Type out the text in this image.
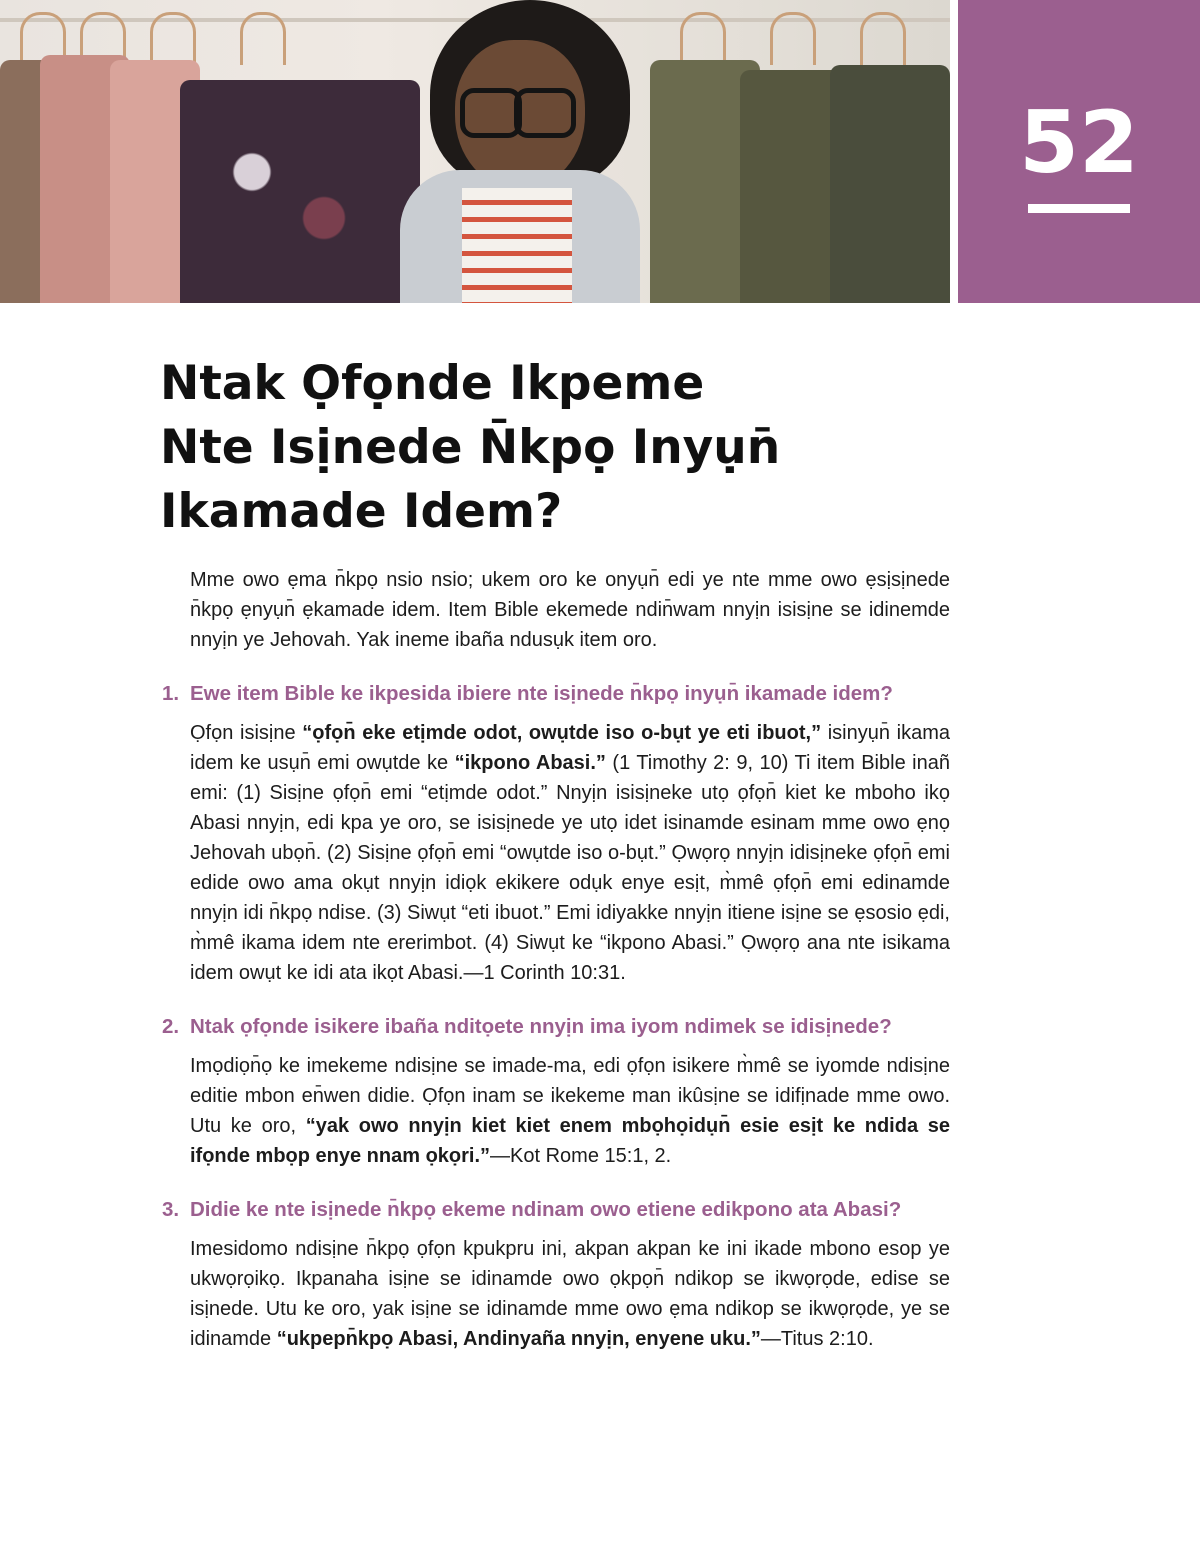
52
Ntak Ọfọnde Ikpeme
Nte Isịnede N̄kpọ Inyụn̄
Ikamade Idem?

Mme owo ẹma n̄kpọ nsio nsio; ukem oro ke onyụn̄ edi ye nte mme owo ẹsịsịnede n̄kpọ ẹnyụn̄ ẹkamade idem. Item Bible ekemede ndin̄wam nnyịn isisịne se idinemde nnyịn ye Jehovah. Yak ineme ibaña ndusụk item oro.

1. Ewe item Bible ke ikpesida ibiere nte isịnede n̄kpọ inyụn̄ ikamade idem?

Ọfọn isisịne “ọfọn̄ eke etịmde odot, owụtde iso o-bụt ye eti ibuot,” isinyụn̄ ikama idem ke usụn̄ emi owụtde ke “ikpono Abasi.” (1 Timothy 2: 9, 10) Ti item Bible inañ emi: (1) Sisịne ọfọn̄ emi “etịmde odot.” Nnyịn isisịneke utọ ọfọn̄ kiet ke mboho ikọ Abasi nnyịn, edi kpa ye oro, se isisịnede ye utọ idet isinamde esinam mme owo ẹnọ Jehovah ubọn̄. (2) Sisịne ọfọn̄ emi “owụtde iso o-bụt.” Ọwọrọ nnyịn idisịneke ọfọn̄ emi edide owo ama okụt nnyịn idiọk ekikere odụk enye esịt, m̀mê ọfọn̄ emi edinamde nnyịn idi n̄kpọ ndise. (3) Siwụt “eti ibuot.” Emi idiyakke nnyịn itiene isịne se ẹsosio ẹdi, m̀mê ikama idem nte ererimbot. (4) Siwụt ke “ikpono Abasi.” Ọwọrọ ana nte isikama idem owụt ke idi ata ikọt Abasi.—1 Corinth 10:31.

2. Ntak ọfọnde isikere ibaña nditọete nnyịn ima iyom ndimek se idisịnede?

Imọdiọn̄ọ ke imekeme ndisịne se imade-ma, edi ọfọn isikere m̀mê se iyomde ndisịne editie mbon en̄wen didie. Ọfọn inam se ikekeme man ikûsịne se idifịnade mme owo. Utu ke oro, “yak owo nnyịn kiet kiet enem mbọhọidụn̄ esie esịt ke ndida se ifọnde mbọp enye nnam ọkọri.”—Kot Rome 15:1, 2.

3. Didie ke nte isịnede n̄kpọ ekeme ndinam owo etiene edikpono ata Abasi?

Imesidomo ndisịne n̄kpọ ọfọn kpukpru ini, akpan akpan ke ini ikade mbono esop ye ukwọrọikọ. Ikpanaha isịne se idinamde owo ọkpọn̄ ndikop se ikwọrọde, edise se isịnede. Utu ke oro, yak isịne se idinamde mme owo ẹma ndikop se ikwọrọde, ye se idinamde “ukpepn̄kpọ Abasi, Andinyaña nnyịn, enyene uku.”—Titus 2:10.
